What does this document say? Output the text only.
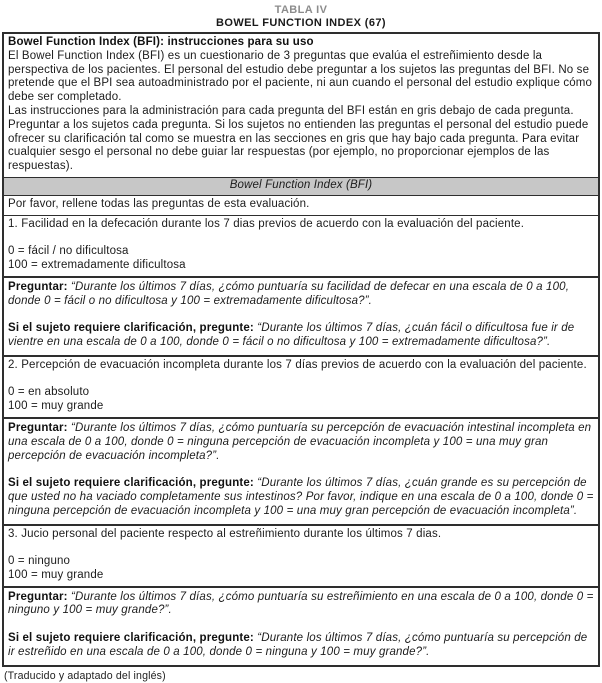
TABLA IV
BOWEL FUNCTION INDEX (67)

Bowel Function Index (BFI): instrucciones para su uso

El Bowel Function Index (BFI) es un cuestionario de 3 preguntas que evalúa el estreñimiento desde la perspectiva de los pacientes. El personal del estudio debe preguntar a los sujetos las preguntas del BFI. No se pretende que el BPI sea autoadministrado por el paciente, ni aun cuando el personal del estudio explique cómo debe ser completado.

Las instrucciones para la administración para cada pregunta del BFI están en gris debajo de cada pregunta. Preguntar a los sujetos cada pregunta. Si los sujetos no entienden las preguntas el personal del estudio puede ofrecer su clarificación tal como se muestra en las secciones en gris que hay bajo cada pregunta. Para evitar cualquier sesgo el personal no debe guiar lar respuestas (por ejemplo, no proporcionar ejemplos de las respuestas).

Bowel Function Index (BFI)

Por favor, rellene todas las preguntas de esta evaluación.

1. Facilidad en la defecación durante los 7 dias previos de acuerdo con la evaluación del paciente.

0 = fácil / no dificultosa

100 = extremadamente dificultosa

Preguntar: “Durante los últimos 7 días, ¿cómo puntuaría su facilidad de defecar en una escala de 0 a 100, donde 0 = fácil o no dificultosa y 100 = extremadamente dificultosa?”.

Si el sujeto requiere clarificación, pregunte: “Durante los últimos 7 días, ¿cuán fácil o dificultosa fue ir de vientre en una escala de 0 a 100, donde 0 = fácil o no dificultosa y 100 = extremadamente dificultosa?”.

2. Percepción de evacuación incompleta durante los 7 días previos de acuerdo con la evaluación del paciente.

0 = en absoluto

100 = muy grande

Preguntar: “Durante los últimos 7 días, ¿cómo puntuaría su percepción de evacuación intestinal incompleta en una escala de 0 a 100, donde 0 = ninguna percepción de evacuación incompleta y 100 = una muy gran percepción de evacuación incompleta?”.

Si el sujeto requiere clarificación, pregunte: “Durante los últimos 7 días, ¿cuán grande es su percepción de que usted no ha vaciado completamente sus intestinos? Por favor, indique en una escala de 0 a 100, donde 0 = ninguna percepción de evacuación incompleta y 100 = una muy gran percepción de evacuación incompleta”.

3. Jucio personal del paciente respecto al estreñimiento durante los últimos 7 dias.

0 = ninguno

100 = muy grande

Preguntar: “Durante los últimos 7 días, ¿cómo puntuaría su estreñimiento en una escala de 0 a 100, donde 0 = ninguno y 100 = muy grande?”.

Si el sujeto requiere clarificación, pregunte: “Durante los últimos 7 días, ¿cómo puntuaría su percepción de ir estreñido en una escala de 0 a 100, donde 0 = ninguna y 100 = muy grande?”.

(Traducido y adaptado del inglés)
